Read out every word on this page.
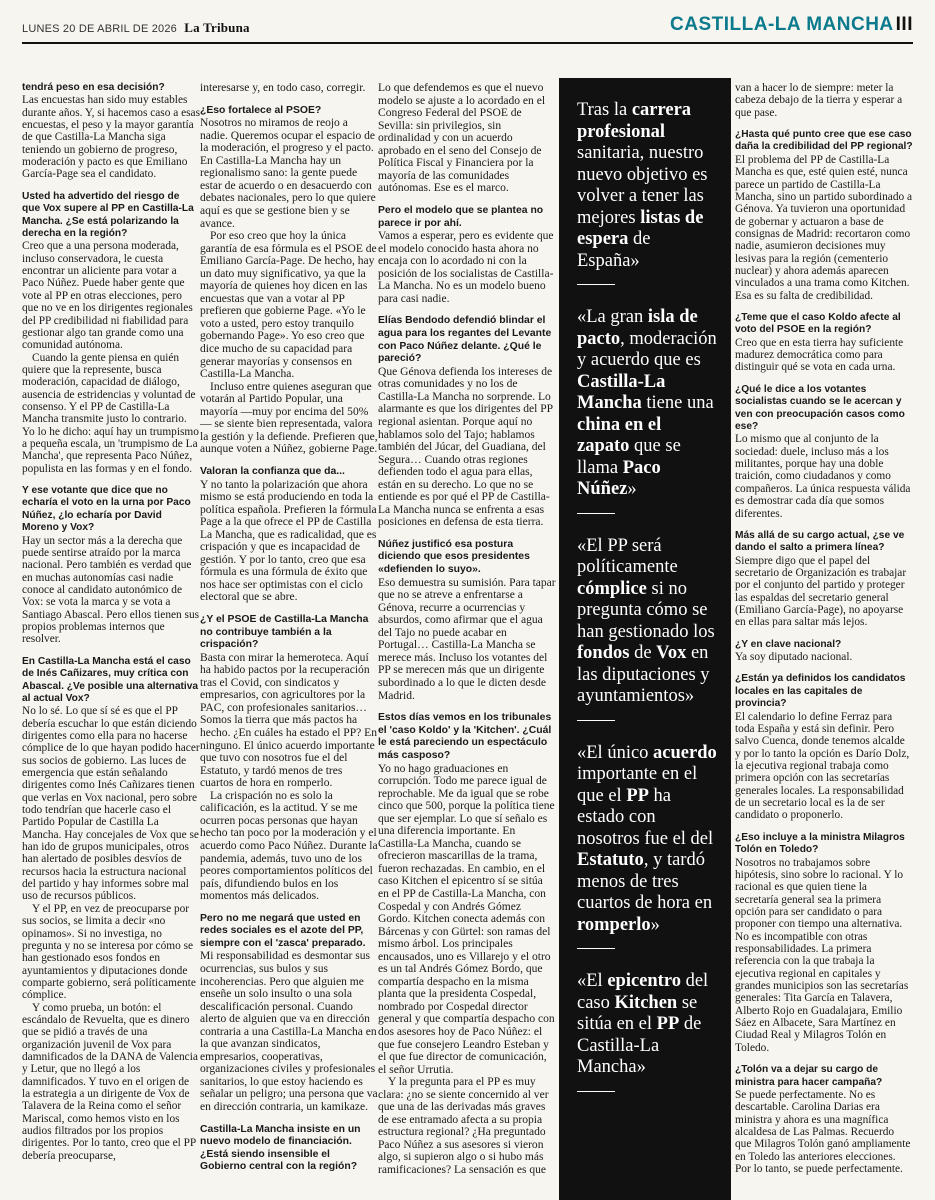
LUNES 20 DE ABRIL DE 2026 La Tribuna	CASTILLA-LA MANCHA III

tendrá peso en esa decisión?

Las encuestas han sido muy estables durante años. Y, si hacemos caso a esas encuestas, el peso y la mayor garantía de que Castilla-La Mancha siga teniendo un gobierno de progreso, moderación y pacto es que Emiliano García-Page sea el candidato.

Usted ha advertido del riesgo de que Vox supere al PP en Castilla-La Mancha. ¿Se está polarizando la derecha en la región?

Creo que a una persona moderada, incluso conservadora, le cuesta encontrar un aliciente para votar a Paco Núñez. Puede haber gente que vote al PP en otras elecciones, pero que no ve en los dirigentes regionales del PP credibilidad ni fiabilidad para gestionar algo tan grande como una comunidad autónoma.

Cuando la gente piensa en quién quiere que la represente, busca moderación, capacidad de diálogo, ausencia de estridencias y voluntad de consenso. Y el PP de Castilla-La Mancha transmite justo lo contrario. Yo lo he dicho: aquí hay un trumpismo a pequeña escala, un 'trumpismo de La Mancha', que representa Paco Núñez, populista en las formas y en el fondo.

Y ese votante que dice que no echaría el voto en la urna por Paco Núñez, ¿lo echaría por David Moreno y Vox?

Hay un sector más a la derecha que puede sentirse atraído por la marca nacional. Pero también es verdad que en muchas autonomías casi nadie conoce al candidato autonómico de Vox: se vota la marca y se vota a Santiago Abascal. Pero ellos tienen sus propios problemas internos que resolver.

En Castilla-La Mancha está el caso de Inés Cañizares, muy crítica con Abascal. ¿Ve posible una alternativa al actual Vox?

No lo sé. Lo que sí sé es que el PP debería escuchar lo que están diciendo dirigentes como ella para no hacerse cómplice de lo que hayan podido hacer sus socios de gobierno. Las luces de emergencia que están señalando dirigentes como Inés Cañizares tienen que verlas en Vox nacional, pero sobre todo tendrían que hacerle caso el Partido Popular de Castilla La Mancha. Hay concejales de Vox que se han ido de grupos municipales, otros han alertado de posibles desvíos de recursos hacia la estructura nacional del partido y hay informes sobre mal uso de recursos públicos.

Y el PP, en vez de preocuparse por sus socios, se limita a decir «no opinamos». Si no investiga, no pregunta y no se interesa por cómo se han gestionado esos fondos en ayuntamientos y diputaciones donde comparte gobierno, será políticamente cómplice.

Y como prueba, un botón: el escándalo de Revuelta, que es dinero que se pidió a través de una organización juvenil de Vox para damnificados de la DANA de Valencia y Letur, que no llegó a los damnificados. Y tuvo en el origen de la estrategia a un dirigente de Vox de Talavera de la Reina como el señor Mariscal, como hemos visto en los audios filtrados por los propios dirigentes. Por lo tanto, creo que el PP debería preocuparse,

interesarse y, en todo caso, corregir.

¿Eso fortalece al PSOE?

Nosotros no miramos de reojo a nadie. Queremos ocupar el espacio de la moderación, el progreso y el pacto. En Castilla-La Mancha hay un regionalismo sano: la gente puede estar de acuerdo o en desacuerdo con debates nacionales, pero lo que quiere aquí es que se gestione bien y se avance.

Por eso creo que hoy la única garantía de esa fórmula es el PSOE de Emiliano García-Page. De hecho, hay un dato muy significativo, ya que la mayoría de quienes hoy dicen en las encuestas que van a votar al PP prefieren que gobierne Page. «Yo le voto a usted, pero estoy tranquilo gobernando Page». Yo eso creo que dice mucho de su capacidad para generar mayorías y consensos en Castilla-La Mancha.

Incluso entre quienes aseguran que votarán al Partido Popular, una mayoría —muy por encima del 50%— se siente bien representada, valora la gestión y la defiende. Prefieren que, aunque voten a Núñez, gobierne Page.

Valoran la confianza que da...

Y no tanto la polarización que ahora mismo se está produciendo en toda la política española. Prefieren la fórmula Page a la que ofrece el PP de Castilla La Mancha, que es radicalidad, que es crispación y que es incapacidad de gestión. Y por lo tanto, creo que esa fórmula es una fórmula de éxito que nos hace ser optimistas con el ciclo electoral que se abre.

¿Y el PSOE de Castilla-La Mancha no contribuye también a la crispación?

Basta con mirar la hemeroteca. Aquí ha habido pactos por la recuperación tras el Covid, con sindicatos y empresarios, con agricultores por la PAC, con profesionales sanitarios… Somos la tierra que más pactos ha hecho. ¿En cuáles ha estado el PP? En ninguno. El único acuerdo importante que tuvo con nosotros fue el del Estatuto, y tardó menos de tres cuartos de hora en romperlo.

La crispación no es solo la calificación, es la actitud. Y se me ocurren pocas personas que hayan hecho tan poco por la moderación y el acuerdo como Paco Núñez. Durante la pandemia, además, tuvo uno de los peores comportamientos políticos del país, difundiendo bulos en los momentos más delicados.

Pero no me negará que usted en redes sociales es el azote del PP, siempre con el 'zasca' preparado.

Mi responsabilidad es desmontar sus ocurrencias, sus bulos y sus incoherencias. Pero que alguien me enseñe un solo insulto o una sola descalificación personal. Cuando alerto de alguien que va en dirección contraria a una Castilla-La Mancha en la que avanzan sindicatos, empresarios, cooperativas, organizaciones civiles y profesionales sanitarios, lo que estoy haciendo es señalar un peligro; una persona que va en dirección contraria, un kamikaze.

Castilla-La Mancha insiste en un nuevo modelo de financiación. ¿Está siendo insensible el Gobierno central con la región?

Lo que defendemos es que el nuevo modelo se ajuste a lo acordado en el Congreso Federal del PSOE de Sevilla: sin privilegios, sin ordinalidad y con un acuerdo aprobado en el seno del Consejo de Política Fiscal y Financiera por la mayoría de las comunidades autónomas. Ese es el marco.

Pero el modelo que se plantea no parece ir por ahí.

Vamos a esperar, pero es evidente que el modelo conocido hasta ahora no encaja con lo acordado ni con la posición de los socialistas de Castilla-La Mancha. No es un modelo bueno para casi nadie.

Elías Bendodo defendió blindar el agua para los regantes del Levante con Paco Núñez delante. ¿Qué le pareció?

Que Génova defienda los intereses de otras comunidades y no los de Castilla-La Mancha no sorprende. Lo alarmante es que los dirigentes del PP regional asientan. Porque aquí no hablamos solo del Tajo; hablamos también del Júcar, del Guadiana, del Segura… Cuando otras regiones defienden todo el agua para ellas, están en su derecho. Lo que no se entiende es por qué el PP de Castilla-La Mancha nunca se enfrenta a esas posiciones en defensa de esta tierra.

Núñez justificó esa postura diciendo que esos presidentes «defienden lo suyo».

Eso demuestra su sumisión. Para tapar que no se atreve a enfrentarse a Génova, recurre a ocurrencias y absurdos, como afirmar que el agua del Tajo no puede acabar en Portugal… Castilla-La Mancha se merece más. Incluso los votantes del PP se merecen más que un dirigente subordinado a lo que le dicten desde Madrid.

Estos días vemos en los tribunales el 'caso Koldo' y la 'Kitchen'. ¿Cuál le está pareciendo un espectáculo más casposo?

Yo no hago graduaciones en corrupción. Todo me parece igual de reprochable. Me da igual que se robe cinco que 500, porque la política tiene que ser ejemplar. Lo que sí señalo es una diferencia importante. En Castilla-La Mancha, cuando se ofrecieron mascarillas de la trama, fueron rechazadas. En cambio, en el caso Kitchen el epicentro sí se sitúa en el PP de Castilla-La Mancha, con Cospedal y con Andrés Gómez Gordo. Kitchen conecta además con Bárcenas y con Gürtel: son ramas del mismo árbol. Los principales encausados, uno es Villarejo y el otro es un tal Andrés Gómez Bordo, que compartía despacho en la misma planta que la presidenta Cospedal, nombrado por Cospedal director general y que compartía despacho con dos asesores hoy de Paco Núñez: el que fue consejero Leandro Esteban y el que fue director de comunicación, el señor Urrutia.

Y la pregunta para el PP es muy clara: ¿no se siente concernido al ver que una de las derivadas más graves de ese entramado afecta a su propia estructura regional? ¿Ha preguntado Paco Núñez a sus asesores si vieron algo, si supieron algo o si hubo más ramificaciones? La sensación es que

Tras la carrera profesional sanitaria, nuestro nuevo objetivo es volver a tener las mejores listas de espera de España»
«La gran isla de pacto, moderación y acuerdo que es Castilla-La Mancha tiene una china en el zapato que se llama Paco Núñez»
«El PP será políticamente cómplice si no pregunta cómo se han gestionado los fondos de Vox en las diputaciones y ayuntamientos»
«El único acuerdo importante en el que el PP ha estado con nosotros fue el del Estatuto, y tardó menos de tres cuartos de hora en romperlo»
«El epicentro del caso Kitchen se sitúa en el PP de Castilla-La Mancha»

van a hacer lo de siempre: meter la cabeza debajo de la tierra y esperar a que pase.

¿Hasta qué punto cree que ese caso daña la credibilidad del PP regional?

El problema del PP de Castilla-La Mancha es que, esté quien esté, nunca parece un partido de Castilla-La Mancha, sino un partido subordinado a Génova. Ya tuvieron una oportunidad de gobernar y actuaron a base de consignas de Madrid: recortaron como nadie, asumieron decisiones muy lesivas para la región (cementerio nuclear) y ahora además aparecen vinculados a una trama como Kitchen. Esa es su falta de credibilidad.

¿Teme que el caso Koldo afecte al voto del PSOE en la región?

Creo que en esta tierra hay suficiente madurez democrática como para distinguir qué se vota en cada urna.

¿Qué le dice a los votantes socialistas cuando se le acercan y ven con preocupación casos como ese?

Lo mismo que al conjunto de la sociedad: duele, incluso más a los militantes, porque hay una doble traición, como ciudadanos y como compañeros. La única respuesta válida es demostrar cada día que somos diferentes.

Más allá de su cargo actual, ¿se ve dando el salto a primera línea?

Siempre digo que el papel del secretario de Organización es trabajar por el conjunto del partido y proteger las espaldas del secretario general (Emiliano García-Page), no apoyarse en ellas para saltar más lejos.

¿Y en clave nacional?

Ya soy diputado nacional.

¿Están ya definidos los candidatos locales en las capitales de provincia?

El calendario lo define Ferraz para toda España y está sin definir. Pero salvo Cuenca, donde tenemos alcalde y por lo tanto la opción es Darío Dolz, la ejecutiva regional trabaja como primera opción con las secretarías generales locales. La responsabilidad de un secretario local es la de ser candidato o proponerlo.

¿Eso incluye a la ministra Milagros Tolón en Toledo?

Nosotros no trabajamos sobre hipótesis, sino sobre lo racional. Y lo racional es que quien tiene la secretaría general sea la primera opción para ser candidato o para proponer con tiempo una alternativa. No es incompatible con otras responsabilidades. La primera referencia con la que trabaja la ejecutiva regional en capitales y grandes municipios son las secretarías generales: Tita García en Talavera, Alberto Rojo en Guadalajara, Emilio Sáez en Albacete, Sara Martínez en Ciudad Real y Milagros Tolón en Toledo.

¿Tolón va a dejar su cargo de ministra para hacer campaña?

Se puede perfectamente. No es descartable. Carolina Darias era ministra y ahora es una magnífica alcaldesa de Las Palmas. Recuerdo que Milagros Tolón ganó ampliamente en Toledo las anteriores elecciones. Por lo tanto, se puede perfectamente.
